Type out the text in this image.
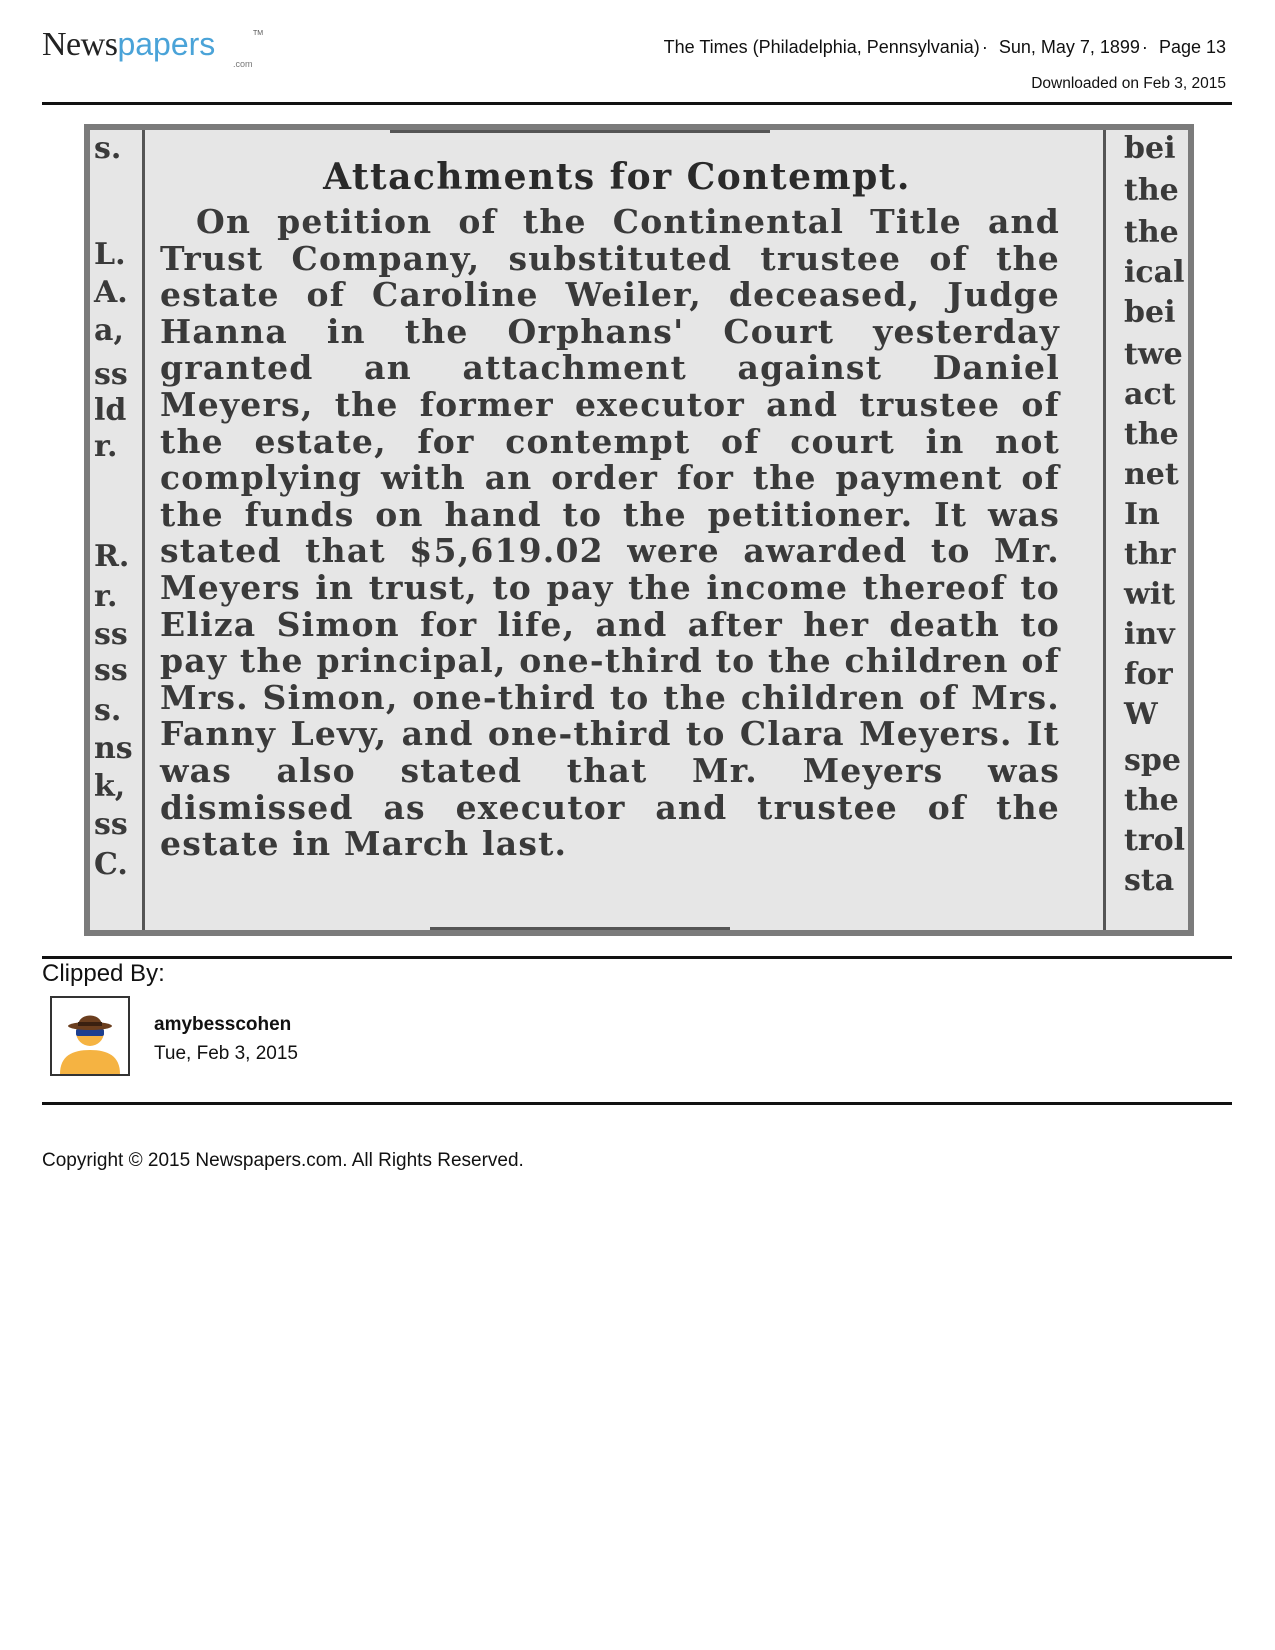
Newspapers	TM
.com
The Times (Philadelphia, Pennsylvania) · Sun, May 7, 1899 · Page 13
Downloaded on Feb 3, 2015
s.
L.
A.
a,
ss
ld
r.
R.
r.
ss
ss
s.
ns
k,
ss
C.
bei
the
the
ical
bei
twe
act
the
net
In
thr
wit
inv
for
W
spe
the
trol
sta
Attachments for Contempt.

On petition of the Continental Title and Trust Company, substituted trustee of the estate of Caroline Weiler, deceased, Judge Hanna in the Orphans' Court yesterday granted an attachment against Daniel Meyers, the former executor and trustee of the estate, for contempt of court in not complying with an order for the payment of the funds on hand to the petitioner. It was stated that $5,619.02 were awarded to Mr. Meyers in trust, to pay the income thereof to Eliza Simon for life, and after her death to pay the principal, one-third to the children of Mrs. Simon, one-third to the children of Mrs. Fanny Levy, and one-third to Clara Meyers. It was also stated that Mr. Meyers was dismissed as executor and trustee of the estate in March last.

Clipped By:
amybesscohen
Tue, Feb 3, 2015
Copyright © 2015 Newspapers.com. All Rights Reserved.
